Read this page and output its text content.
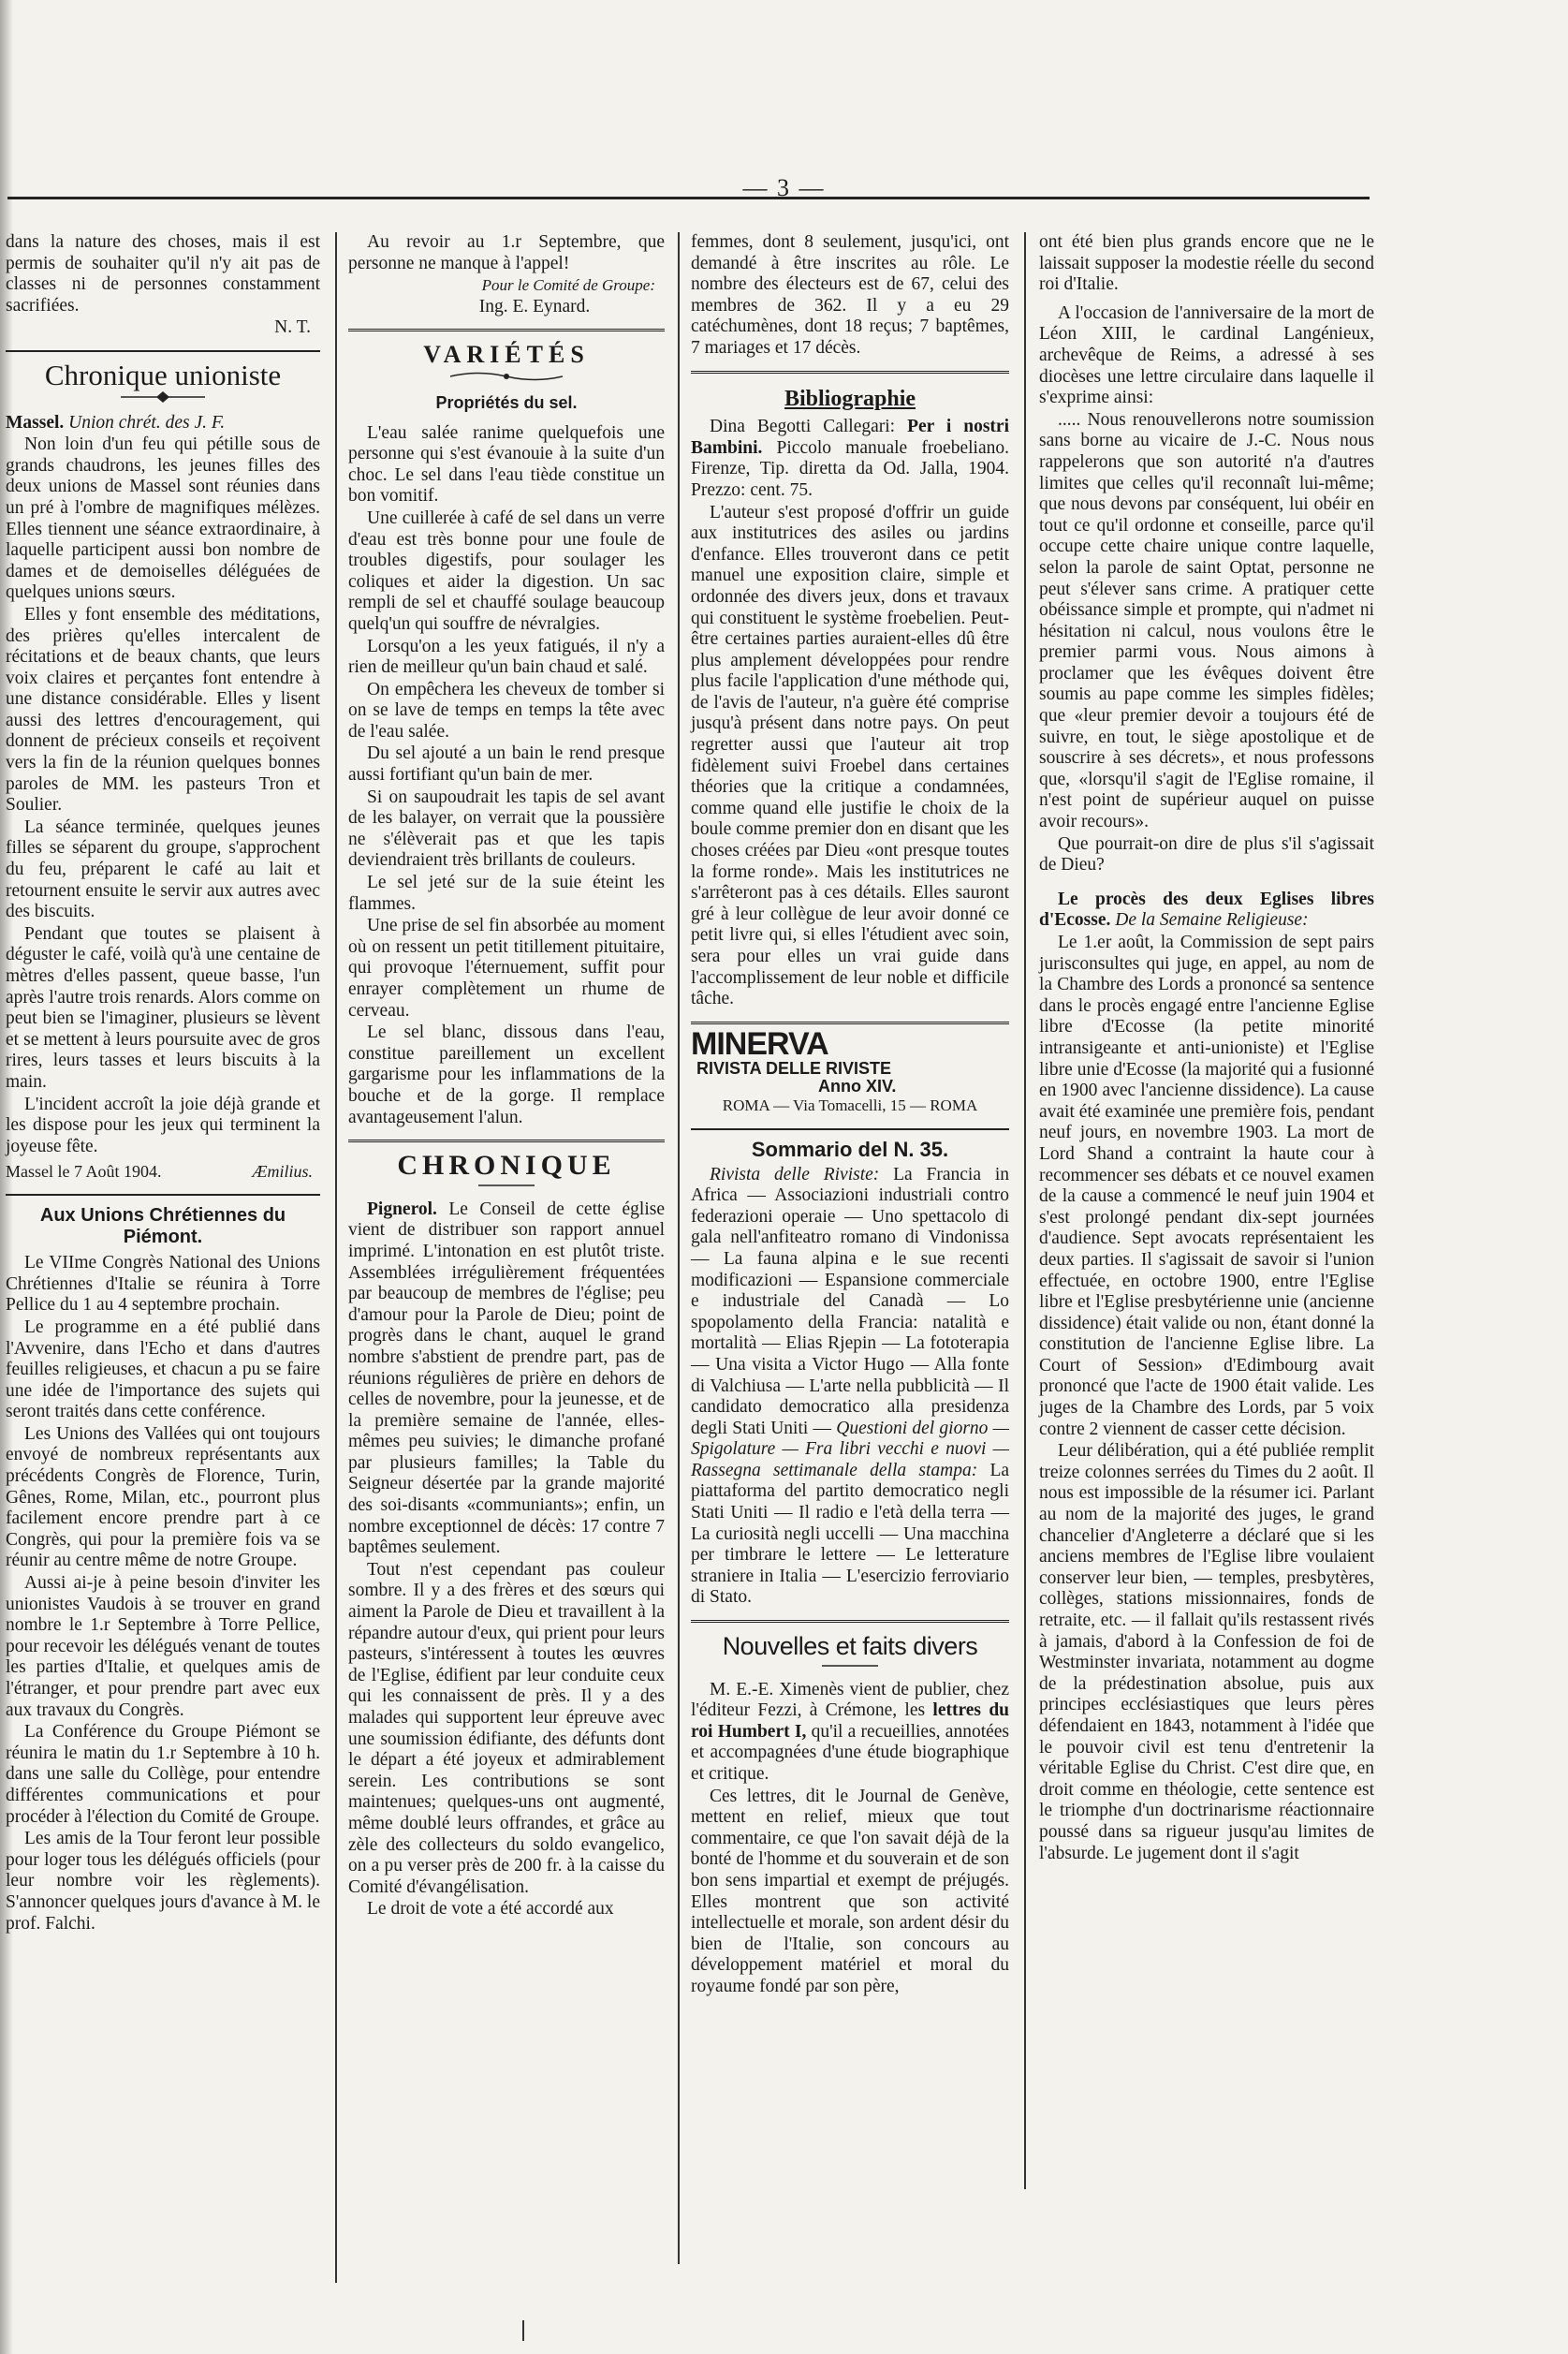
— 3 —

dans la nature des choses, mais il est permis de souhaiter qu'il n'y ait pas de classes ni de personnes constamment sacrifiées.

N. T.
Chronique unioniste

Massel. Union chrét. des J. F.

Non loin d'un feu qui pétille sous de grands chaudrons, les jeunes filles des deux unions de Massel sont réunies dans un pré à l'ombre de magnifiques mélèzes. Elles tiennent une séance extraordinaire, à laquelle participent aussi bon nombre de dames et de demoiselles déléguées de quelques unions sœurs.

Elles y font ensemble des méditations, des prières qu'elles intercalent de récitations et de beaux chants, que leurs voix claires et perçantes font entendre à une distance considérable. Elles y lisent aussi des lettres d'encouragement, qui donnent de précieux conseils et reçoivent vers la fin de la réunion quelques bonnes paroles de MM. les pasteurs Tron et Soulier.

La séance terminée, quelques jeunes filles se séparent du groupe, s'approchent du feu, préparent le café au lait et retournent ensuite le servir aux autres avec des biscuits.

Pendant que toutes se plaisent à déguster le café, voilà qu'à une centaine de mètres d'elles passent, queue basse, l'un après l'autre trois renards. Alors comme on peut bien se l'imaginer, plusieurs se lèvent et se mettent à leurs poursuite avec de gros rires, leurs tasses et leurs biscuits à la main.

L'incident accroît la joie déjà grande et les dispose pour les jeux qui terminent la joyeuse fête.

Massel le 7 Août 1904.	Æmilius.
Aux Unions Chrétiennes du Piémont.

Le VIIme Congrès National des Unions Chrétiennes d'Italie se réunira à Torre Pellice du 1 au 4 septembre prochain.

Le programme en a été publié dans l'Avvenire, dans l'Echo et dans d'autres feuilles religieuses, et chacun a pu se faire une idée de l'importance des sujets qui seront traités dans cette conférence.

Les Unions des Vallées qui ont toujours envoyé de nombreux représentants aux précédents Congrès de Florence, Turin, Gênes, Rome, Milan, etc., pourront plus facilement encore prendre part à ce Congrès, qui pour la première fois va se réunir au centre même de notre Groupe.

Aussi ai-je à peine besoin d'inviter les unionistes Vaudois à se trouver en grand nombre le 1.r Septembre à Torre Pellice, pour recevoir les délégués venant de toutes les parties d'Italie, et quelques amis de l'étranger, et pour prendre part avec eux aux travaux du Congrès.

La Conférence du Groupe Piémont se réunira le matin du 1.r Septembre à 10 h. dans une salle du Collège, pour entendre différentes communications et pour procéder à l'élection du Comité de Groupe.

Les amis de la Tour feront leur possible pour loger tous les délégués officiels (pour leur nombre voir les règlements). S'annoncer quelques jours d'avance à M. le prof. Falchi.

Au revoir au 1.r Septembre, que personne ne manque à l'appel!

Pour le Comité de Groupe:
Ing. E. Eynard.
VARIÉTÉS
Propriétés du sel.

L'eau salée ranime quelquefois une personne qui s'est évanouie à la suite d'un choc. Le sel dans l'eau tiède constitue un bon vomitif.

Une cuillerée à café de sel dans un verre d'eau est très bonne pour une foule de troubles digestifs, pour soulager les coliques et aider la digestion. Un sac rempli de sel et chauffé soulage beaucoup quelq'un qui souffre de névralgies.

Lorsqu'on a les yeux fatigués, il n'y a rien de meilleur qu'un bain chaud et salé.

On empêchera les cheveux de tomber si on se lave de temps en temps la tête avec de l'eau salée.

Du sel ajouté a un bain le rend presque aussi fortifiant qu'un bain de mer.

Si on saupoudrait les tapis de sel avant de les balayer, on verrait que la poussière ne s'élèverait pas et que les tapis deviendraient très brillants de couleurs.

Le sel jeté sur de la suie éteint les flammes.

Une prise de sel fin absorbée au moment où on ressent un petit titillement pituitaire, qui provoque l'éternuement, suffit pour enrayer complètement un rhume de cerveau.

Le sel blanc, dissous dans l'eau, constitue pareillement un excellent gargarisme pour les inflammations de la bouche et de la gorge. Il remplace avantageusement l'alun.

CHRONIQUE

Pignerol. Le Conseil de cette église vient de distribuer son rapport annuel imprimé. L'intonation en est plutôt triste. Assemblées irrégulièrement fréquentées par beaucoup de membres de l'église; peu d'amour pour la Parole de Dieu; point de progrès dans le chant, auquel le grand nombre s'abstient de prendre part, pas de réunions régulières de prière en dehors de celles de novembre, pour la jeunesse, et de la première semaine de l'année, elles-mêmes peu suivies; le dimanche profané par plusieurs familles; la Table du Seigneur désertée par la grande majorité des soi-disants «communiants»; enfin, un nombre exceptionnel de décès: 17 contre 7 baptêmes seulement.

Tout n'est cependant pas couleur sombre. Il y a des frères et des sœurs qui aiment la Parole de Dieu et travaillent à la répandre autour d'eux, qui prient pour leurs pasteurs, s'intéressent à toutes les œuvres de l'Eglise, édifient par leur conduite ceux qui les connaissent de près. Il y a des malades qui supportent leur épreuve avec une soumission édifiante, des défunts dont le départ a été joyeux et admirablement serein. Les contributions se sont maintenues; quelques-uns ont augmenté, même doublé leurs offrandes, et grâce au zèle des collecteurs du soldo evangelico, on a pu verser près de 200 fr. à la caisse du Comité d'évangélisation.

Le droit de vote a été accordé aux

femmes, dont 8 seulement, jusqu'ici, ont demandé à être inscrites au rôle. Le nombre des électeurs est de 67, celui des membres de 362. Il y a eu 29 catéchumènes, dont 18 reçus; 7 baptêmes, 7 mariages et 17 décès.

Bibliographie

Dina Begotti Callegari: Per i nostri Bambini. Piccolo manuale froebeliano. Firenze, Tip. diretta da Od. Jalla, 1904. Prezzo: cent. 75.

L'auteur s'est proposé d'offrir un guide aux institutrices des asiles ou jardins d'enfance. Elles trouveront dans ce petit manuel une exposition claire, simple et ordonnée des divers jeux, dons et travaux qui constituent le système froebelien. Peut-être certaines parties auraient-elles dû être plus amplement développées pour rendre plus facile l'application d'une méthode qui, de l'avis de l'auteur, n'a guère été comprise jusqu'à présent dans notre pays. On peut regretter aussi que l'auteur ait trop fidèlement suivi Froebel dans certaines théories que la critique a condamnées, comme quand elle justifie le choix de la boule comme premier don en disant que les choses créées par Dieu «ont presque toutes la forme ronde». Mais les institutrices ne s'arrêteront pas à ces détails. Elles sauront gré à leur collègue de leur avoir donné ce petit livre qui, si elles l'étudient avec soin, sera pour elles un vrai guide dans l'accomplissement de leur noble et difficile tâche.

MINERVA RIVISTA DELLE RIVISTE
Anno XIV.
ROMA — Via Tomacelli, 15 — ROMA
Sommario del N. 35.

Rivista delle Riviste: La Francia in Africa — Associazioni industriali contro federazioni operaie — Uno spettacolo di gala nell'anfiteatro romano di Vindonissa — La fauna alpina e le sue recenti modificazioni — Espansione commerciale e industriale del Canadà — Lo spopolamento della Francia: natalità e mortalità — Elias Rjepin — La fototerapia — Una visita a Victor Hugo — Alla fonte di Valchiusa — L'arte nella pubblicità — Il candidato democratico alla presidenza degli Stati Uniti — Questioni del giorno — Spigolature — Fra libri vecchi e nuovi — Rassegna settimanale della stampa: La piattaforma del partito democratico negli Stati Uniti — Il radio e l'età della terra — La curiosità negli uccelli — Una macchina per timbrare le lettere — Le letterature straniere in Italia — L'esercizio ferroviario di Stato.

Nouvelles et faits divers

M. E.-E. Ximenès vient de publier, chez l'éditeur Fezzi, à Crémone, les lettres du roi Humbert I, qu'il a recueillies, annotées et accompagnées d'une étude biographique et critique.

Ces lettres, dit le Journal de Genève, mettent en relief, mieux que tout commentaire, ce que l'on savait déjà de la bonté de l'homme et du souverain et de son bon sens impartial et exempt de préjugés. Elles montrent que son activité intellectuelle et morale, son ardent désir du bien de l'Italie, son concours au développement matériel et moral du royaume fondé par son père,

ont été bien plus grands encore que ne le laissait supposer la modestie réelle du second roi d'Italie.

A l'occasion de l'anniversaire de la mort de Léon XIII, le cardinal Langénieux, archevêque de Reims, a adressé à ses diocèses une lettre circulaire dans laquelle il s'exprime ainsi:

..... Nous renouvellerons notre soumission sans borne au vicaire de J.-C. Nous nous rappelerons que son autorité n'a d'autres limites que celles qu'il reconnaît lui-même; que nous devons par conséquent, lui obéir en tout ce qu'il ordonne et conseille, parce qu'il occupe cette chaire unique contre laquelle, selon la parole de saint Optat, personne ne peut s'élever sans crime. A pratiquer cette obéissance simple et prompte, qui n'admet ni hésitation ni calcul, nous voulons être le premier parmi vous. Nous aimons à proclamer que les évêques doivent être soumis au pape comme les simples fidèles; que «leur premier devoir a toujours été de suivre, en tout, le siège apostolique et de souscrire à ses décrets», et nous professons que, «lorsqu'il s'agit de l'Eglise romaine, il n'est point de supérieur auquel on puisse avoir recours».

Que pourrait-on dire de plus s'il s'agissait de Dieu?

Le procès des deux Eglises libres d'Ecosse. De la Semaine Religieuse:

Le 1.er août, la Commission de sept pairs jurisconsultes qui juge, en appel, au nom de la Chambre des Lords a prononcé sa sentence dans le procès engagé entre l'ancienne Eglise libre d'Ecosse (la petite minorité intransigeante et anti-unioniste) et l'Eglise libre unie d'Ecosse (la majorité qui a fusionné en 1900 avec l'ancienne dissidence). La cause avait été examinée une première fois, pendant neuf jours, en novembre 1903. La mort de Lord Shand a contraint la haute cour à recommencer ses débats et ce nouvel examen de la cause a commencé le neuf juin 1904 et s'est prolongé pendant dix-sept journées d'audience. Sept avocats représentaient les deux parties. Il s'agissait de savoir si l'union effectuée, en octobre 1900, entre l'Eglise libre et l'Eglise presbytérienne unie (ancienne dissidence) était valide ou non, étant donné la constitution de l'ancienne Eglise libre. La Court of Session» d'Edimbourg avait prononcé que l'acte de 1900 était valide. Les juges de la Chambre des Lords, par 5 voix contre 2 viennent de casser cette décision.

Leur délibération, qui a été publiée remplit treize colonnes serrées du Times du 2 août. Il nous est impossible de la résumer ici. Parlant au nom de la majorité des juges, le grand chancelier d'Angleterre a déclaré que si les anciens membres de l'Eglise libre voulaient conserver leur bien, — temples, presbytères, collèges, stations missionnaires, fonds de retraite, etc. — il fallait qu'ils restassent rivés à jamais, d'abord à la Confession de foi de Westminster invariata, notamment au dogme de la prédestination absolue, puis aux principes ecclésiastiques que leurs pères défendaient en 1843, notamment à l'idée que le pouvoir civil est tenu d'entretenir la véritable Eglise du Christ. C'est dire que, en droit comme en théologie, cette sentence est le triomphe d'un doctrinarisme réactionnaire poussé dans sa rigueur jusqu'au limites de l'absurde. Le jugement dont il s'agit
